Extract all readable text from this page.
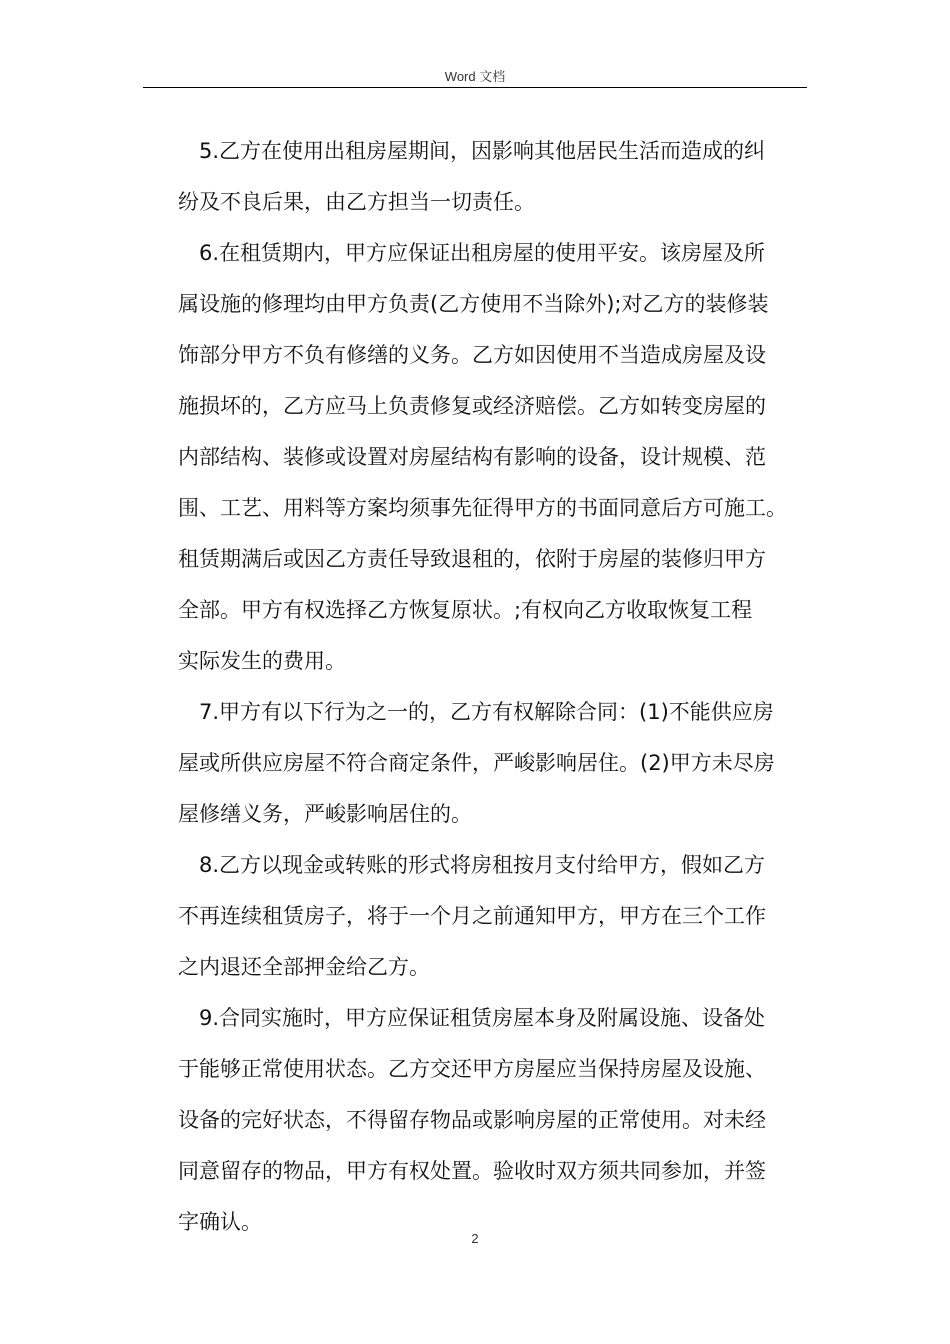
Word 文档
5.乙方在使用出租房屋期间，因影响其他居民生活而造成的纠
纷及不良后果，由乙方担当一切责任。
6.在租赁期内，甲方应保证出租房屋的使用平安。该房屋及所
属设施的修理均由甲方负责(乙方使用不当除外);对乙方的装修装
饰部分甲方不负有修缮的义务。乙方如因使用不当造成房屋及设
施损坏的，乙方应马上负责修复或经济赔偿。乙方如转变房屋的
内部结构、装修或设置对房屋结构有影响的设备，设计规模、范
围、工艺、用料等方案均须事先征得甲方的书面同意后方可施工。
租赁期满后或因乙方责任导致退租的，依附于房屋的装修归甲方
全部。甲方有权选择乙方恢复原状。;有权向乙方收取恢复工程
实际发生的费用。
7.甲方有以下行为之一的，乙方有权解除合同：(1)不能供应房
屋或所供应房屋不符合商定条件，严峻影响居住。(2)甲方未尽房
屋修缮义务，严峻影响居住的。
8.乙方以现金或转账的形式将房租按月支付给甲方，假如乙方
不再连续租赁房子，将于一个月之前通知甲方，甲方在三个工作
之内退还全部押金给乙方。
9.合同实施时，甲方应保证租赁房屋本身及附属设施、设备处
于能够正常使用状态。乙方交还甲方房屋应当保持房屋及设施、
设备的完好状态，不得留存物品或影响房屋的正常使用。对未经
同意留存的物品，甲方有权处置。验收时双方须共同参加，并签
字确认。
2
